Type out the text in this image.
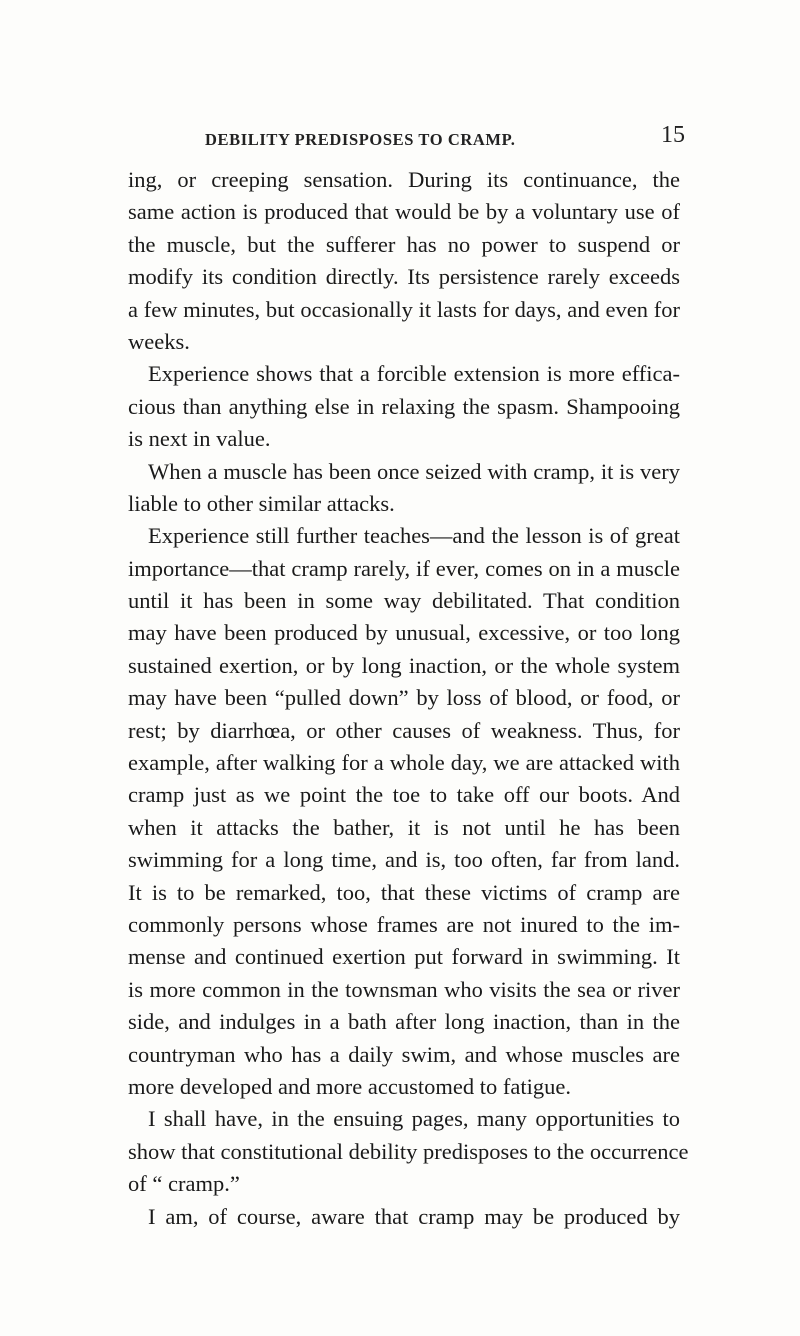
DEBILITY PREDISPOSES TO CRAMP.	15
ing, or creeping sensation. During its continuance, the
same action is produced that would be by a voluntary use of
the muscle, but the sufferer has no power to suspend or
modify its condition directly. Its persistence rarely exceeds
a few minutes, but occasionally it lasts for days, and even for
weeks.
Experience shows that a forcible extension is more effica-
cious than anything else in relaxing the spasm. Shampooing
is next in value.
When a muscle has been once seized with cramp, it is very
liable to other similar attacks.
Experience still further teaches—and the lesson is of great
importance—that cramp rarely, if ever, comes on in a muscle
until it has been in some way debilitated. That condition
may have been produced by unusual, excessive, or too long
sustained exertion, or by long inaction, or the whole system
may have been “pulled down” by loss of blood, or food, or
rest; by diarrhœa, or other causes of weakness. Thus, for
example, after walking for a whole day, we are attacked with
cramp just as we point the toe to take off our boots. And
when it attacks the bather, it is not until he has been
swimming for a long time, and is, too often, far from land.
It is to be remarked, too, that these victims of cramp are
commonly persons whose frames are not inured to the im-
mense and continued exertion put forward in swimming. It
is more common in the townsman who visits the sea or river
side, and indulges in a bath after long inaction, than in the
countryman who has a daily swim, and whose muscles are
more developed and more accustomed to fatigue.
I shall have, in the ensuing pages, many opportunities to
show that constitutional debility predisposes to the occurrence
of “ cramp.”
I am, of course, aware that cramp may be produced by
